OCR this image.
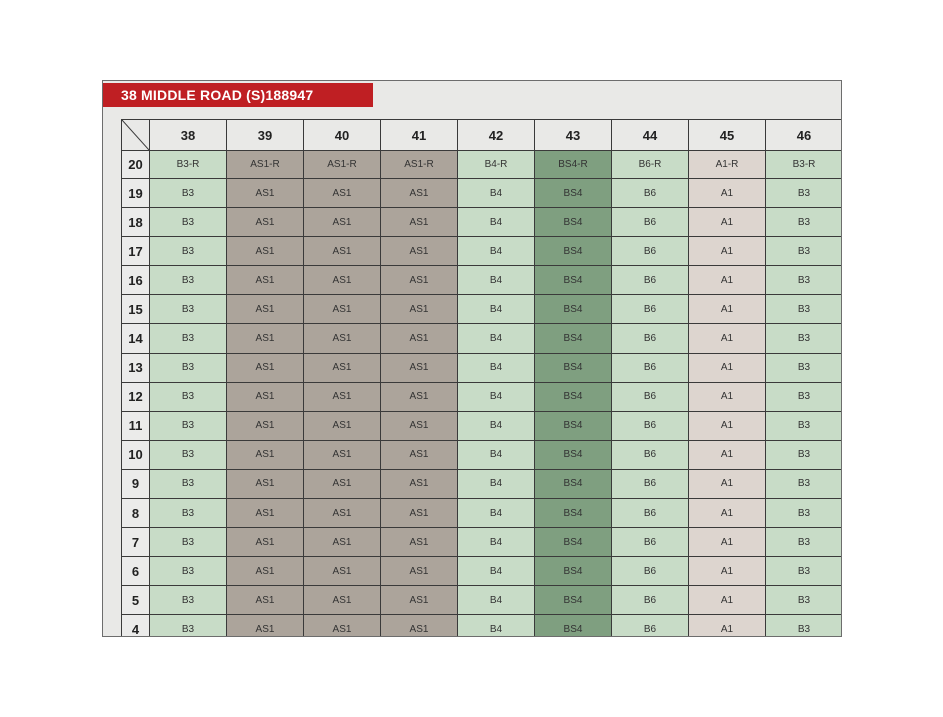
38 MIDDLE ROAD (S)188947
	38	39	40	41	42	43	44	45	46
20	B3-R	AS1-R	AS1-R	AS1-R	B4-R	BS4-R	B6-R	A1-R	B3-R
19	B3	AS1	AS1	AS1	B4	BS4	B6	A1	B3
18	B3	AS1	AS1	AS1	B4	BS4	B6	A1	B3
17	B3	AS1	AS1	AS1	B4	BS4	B6	A1	B3
16	B3	AS1	AS1	AS1	B4	BS4	B6	A1	B3
15	B3	AS1	AS1	AS1	B4	BS4	B6	A1	B3
14	B3	AS1	AS1	AS1	B4	BS4	B6	A1	B3
13	B3	AS1	AS1	AS1	B4	BS4	B6	A1	B3
12	B3	AS1	AS1	AS1	B4	BS4	B6	A1	B3
11	B3	AS1	AS1	AS1	B4	BS4	B6	A1	B3
10	B3	AS1	AS1	AS1	B4	BS4	B6	A1	B3
9	B3	AS1	AS1	AS1	B4	BS4	B6	A1	B3
8	B3	AS1	AS1	AS1	B4	BS4	B6	A1	B3
7	B3	AS1	AS1	AS1	B4	BS4	B6	A1	B3
6	B3	AS1	AS1	AS1	B4	BS4	B6	A1	B3
5	B3	AS1	AS1	AS1	B4	BS4	B6	A1	B3
4	B3	AS1	AS1	AS1	B4	BS4	B6	A1	B3
